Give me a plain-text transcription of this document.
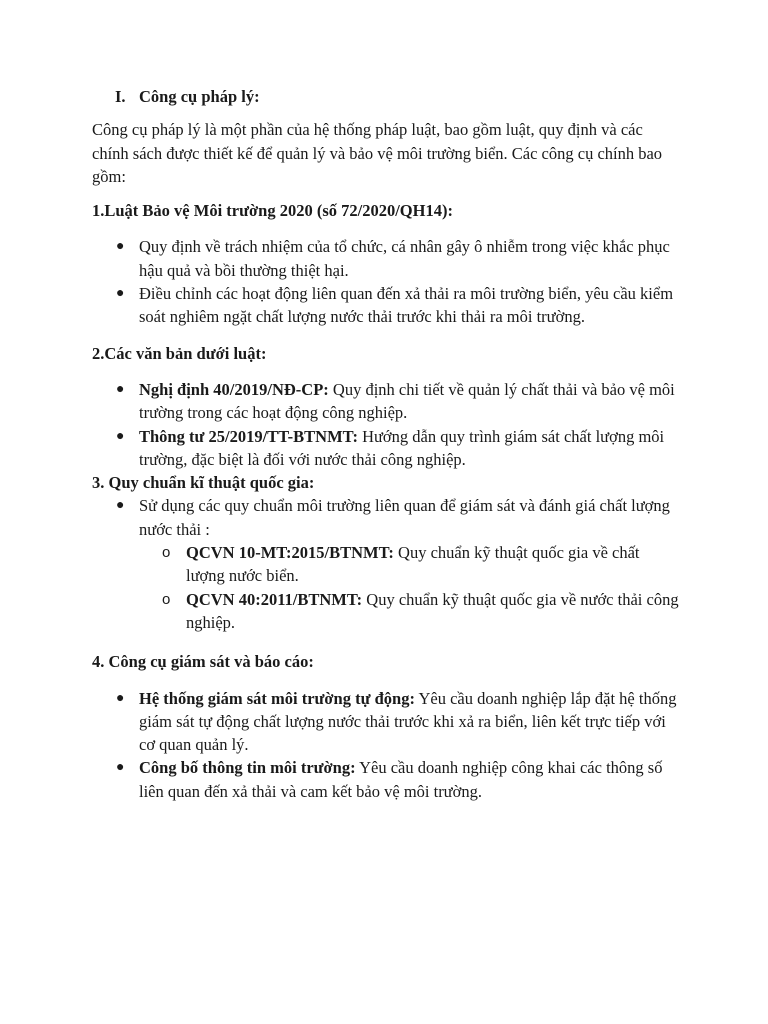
I. Công cụ pháp lý:

Công cụ pháp lý là một phần của hệ thống pháp luật, bao gồm luật, quy định và các chính sách được thiết kế để quản lý và bảo vệ môi trường biển. Các công cụ chính bao gồm:

1.Luật Bảo vệ Môi trường 2020 (số 72/2020/QH14):

● Quy định về trách nhiệm của tổ chức, cá nhân gây ô nhiễm trong việc khắc phục hậu quả và bồi thường thiệt hại.
● Điều chỉnh các hoạt động liên quan đến xả thải ra môi trường biển, yêu cầu kiểm soát nghiêm ngặt chất lượng nước thải trước khi thải ra môi trường.

2.Các văn bản dưới luật:

● Nghị định 40/2019/NĐ-CP: Quy định chi tiết về quản lý chất thải và bảo vệ môi trường trong các hoạt động công nghiệp.
● Thông tư 25/2019/TT-BTNMT: Hướng dẫn quy trình giám sát chất lượng môi trường, đặc biệt là đối với nước thải công nghiệp.

3. Quy chuẩn kĩ thuật quốc gia:

● Sử dụng các quy chuẩn môi trường liên quan để giám sát và đánh giá chất lượng nước thải :
o QCVN 10-MT:2015/BTNMT: Quy chuẩn kỹ thuật quốc gia về chất lượng nước biển.
o QCVN 40:2011/BTNMT: Quy chuẩn kỹ thuật quốc gia về nước thải công nghiệp.

4. Công cụ giám sát và báo cáo:

● Hệ thống giám sát môi trường tự động: Yêu cầu doanh nghiệp lắp đặt hệ thống giám sát tự động chất lượng nước thải trước khi xả ra biển, liên kết trực tiếp với cơ quan quản lý.
● Công bố thông tin môi trường: Yêu cầu doanh nghiệp công khai các thông số liên quan đến xả thải và cam kết bảo vệ môi trường.
